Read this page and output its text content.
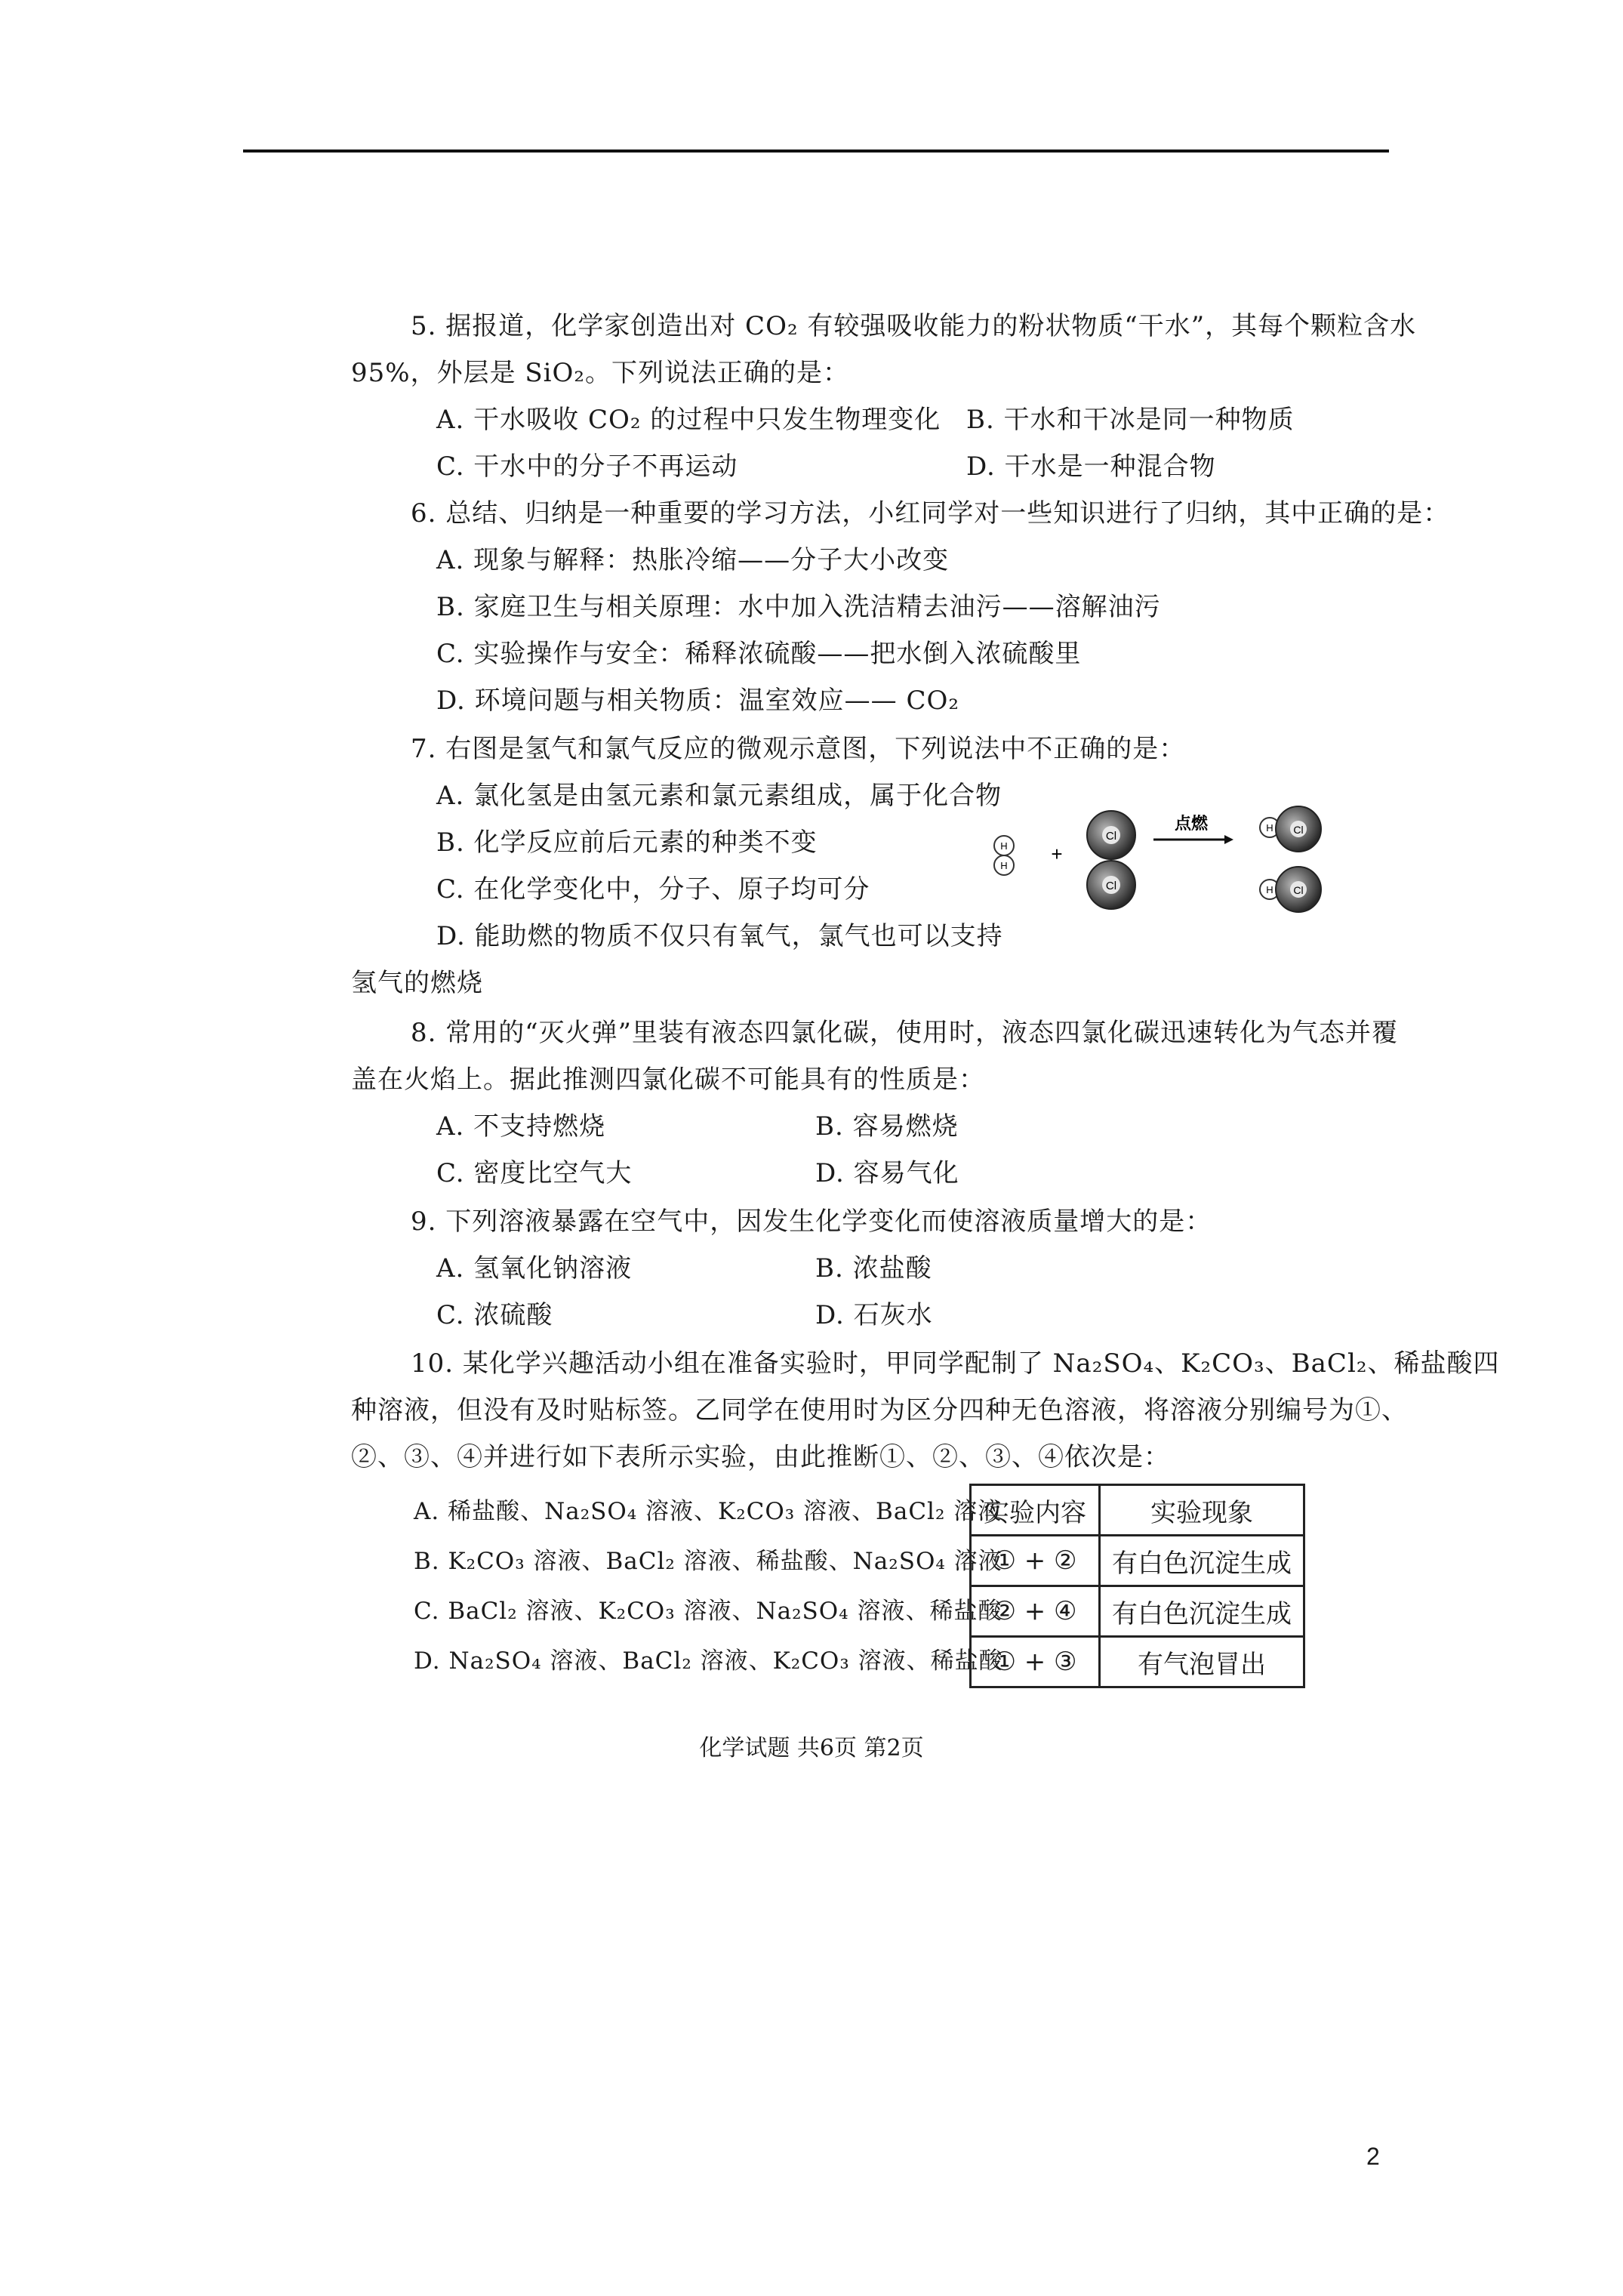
5. 据报道，化学家创造出对 CO₂ 有较强吸收能力的粉状物质“干水”，其每个颗粒含水
95%，外层是 SiO₂。下列说法正确的是：
A. 干水吸收 CO₂ 的过程中只发生物理变化 B. 干水和干冰是同一种物质
C. 干水中的分子不再运动	D. 干水是一种混合物
6. 总结、归纳是一种重要的学习方法，小红同学对一些知识进行了归纳，其中正确的是：
A. 现象与解释：热胀冷缩——分子大小改变
B. 家庭卫生与相关原理：水中加入洗洁精去油污——溶解油污
C. 实验操作与安全：稀释浓硫酸——把水倒入浓硫酸里
D. 环境问题与相关物质：温室效应—— CO₂
7. 右图是氢气和氯气反应的微观示意图，下列说法中不正确的是：
A. 氯化氢是由氢元素和氯元素组成，属于化合物
B. 化学反应前后元素的种类不变
C. 在化学变化中，分子、原子均可分
D. 能助燃的物质不仅只有氧气，氯气也可以支持
氢气的燃烧
H
H
+
Cl
Cl
点燃	H Cl
H Cl
8. 常用的“灭火弹”里装有液态四氯化碳，使用时，液态四氯化碳迅速转化为气态并覆
盖在火焰上。据此推测四氯化碳不可能具有的性质是：
A. 不支持燃烧	B. 容易燃烧
C. 密度比空气大	D. 容易气化
9. 下列溶液暴露在空气中，因发生化学变化而使溶液质量增大的是：
A. 氢氧化钠溶液	B. 浓盐酸
C. 浓硫酸	D. 石灰水
10. 某化学兴趣活动小组在准备实验时，甲同学配制了 Na₂SO₄、K₂CO₃、BaCl₂、稀盐酸四
种溶液，但没有及时贴标签。乙同学在使用时为区分四种无色溶液，将溶液分别编号为①、
②、③、④并进行如下表所示实验，由此推断①、②、③、④依次是：
A. 稀盐酸、Na₂SO₄ 溶液、K₂CO₃ 溶液、BaCl₂ 溶液
B. K₂CO₃ 溶液、BaCl₂ 溶液、稀盐酸、Na₂SO₄ 溶液
C. BaCl₂ 溶液、K₂CO₃ 溶液、Na₂SO₄ 溶液、稀盐酸
D. Na₂SO₄ 溶液、BaCl₂ 溶液、K₂CO₃ 溶液、稀盐酸
实验内容	实验现象
① + ②	有白色沉淀生成
② + ④	有白色沉淀生成
① + ③	有气泡冒出
化学试题 共6页 第2页
2
